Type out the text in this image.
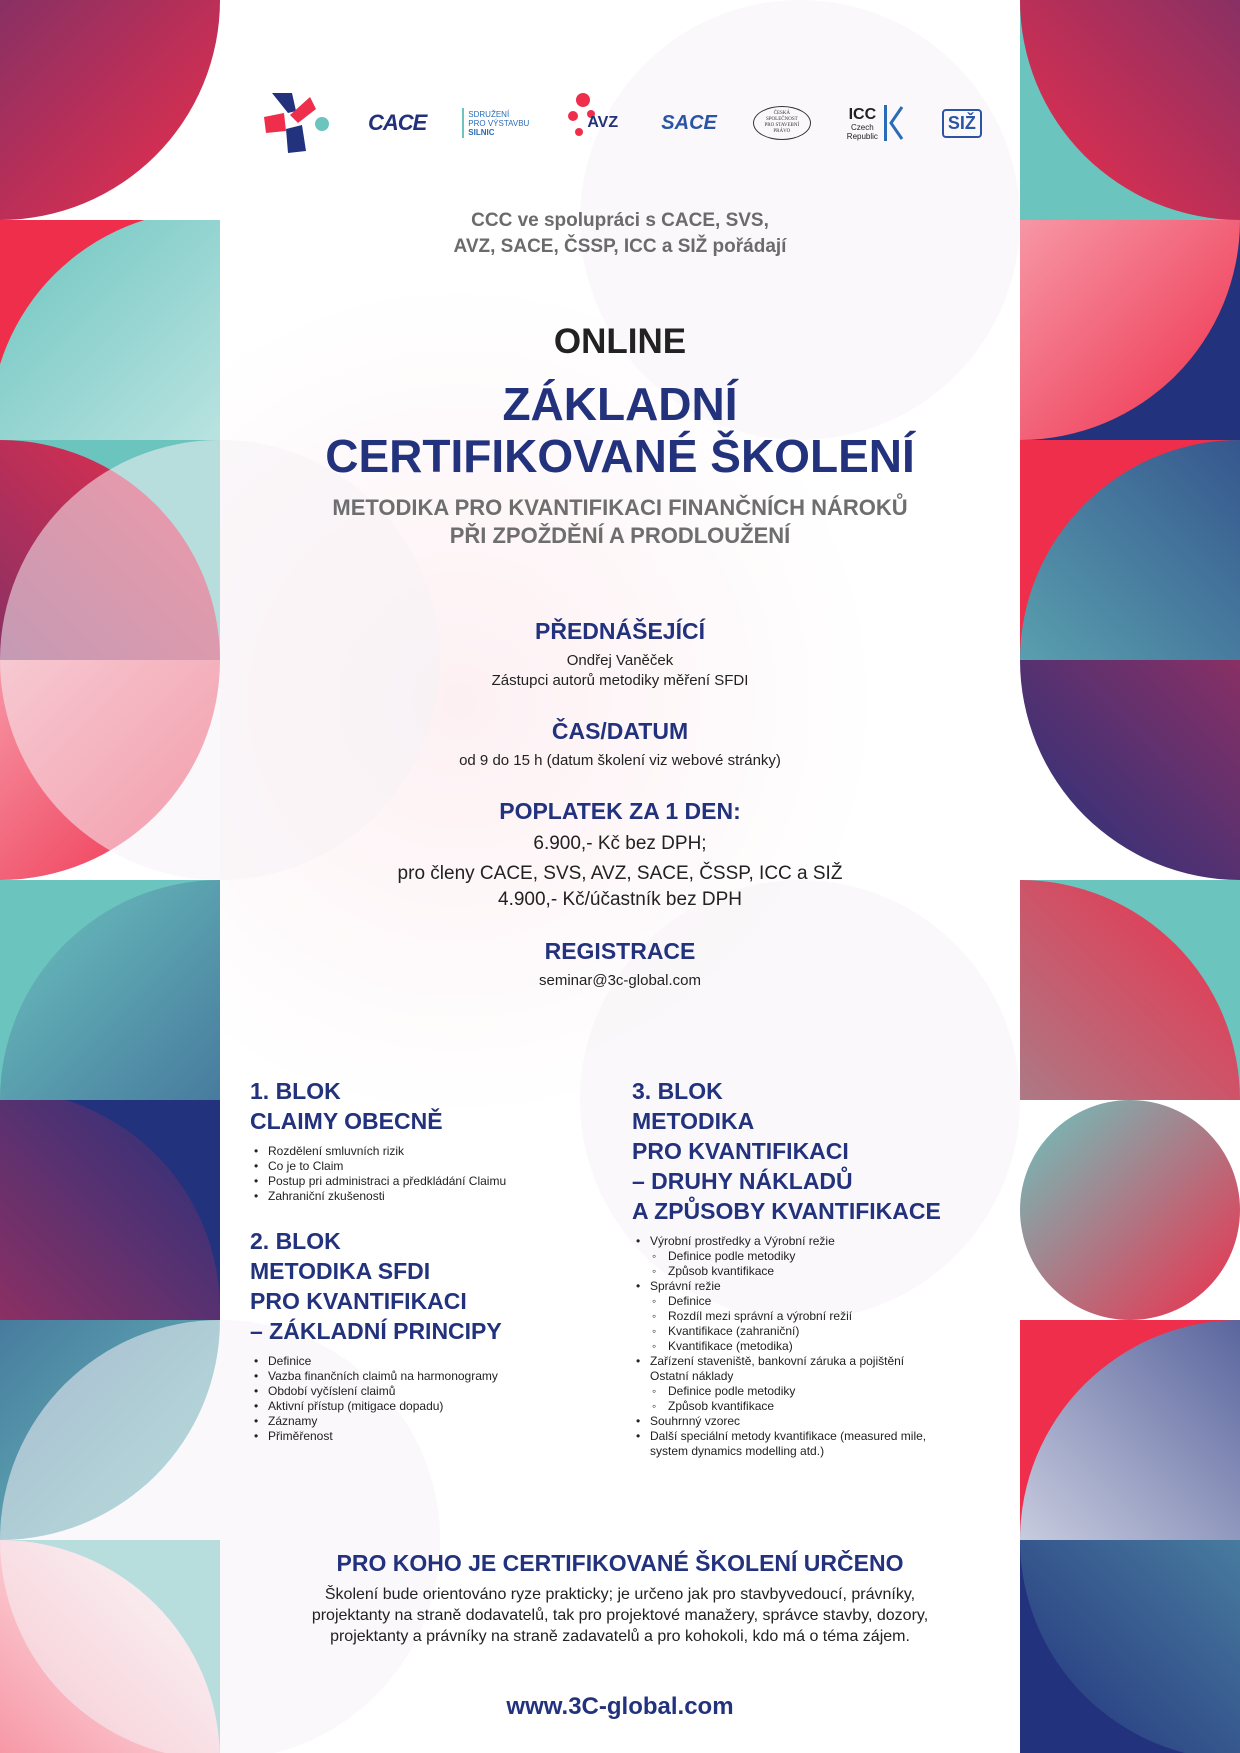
CACE	SDRUŽENÍ
PRO VÝSTAVBU
SILNIC
AVZ SACE	ČESKÁ
SPOLEČNOST
PRO STAVEBNÍ
PRÁVO
ICC
Czech
Republic
SIŽ
CCC ve spolupráci s CACE, SVS,
AVZ, SACE, ČSSP, ICC a SIŽ pořádají
ONLINE
ZÁKLADNÍ
CERTIFIKOVANÉ ŠKOLENÍ
METODIKA PRO KVANTIFIKACI FINANČNÍCH NÁROKŮ
PŘI ZPOŽDĚNÍ A PRODLOUŽENÍ
PŘEDNÁŠEJÍCÍ
Ondřej Vaněček
Zástupci autorů metodiky měření SFDI
ČAS/DATUM
od 9 do 15 h (datum školení viz webové stránky)
POPLATEK ZA 1 DEN:
6.900,- Kč bez DPH;
pro členy CACE, SVS, AVZ, SACE, ČSSP, ICC a SIŽ
4.900,- Kč/účastník bez DPH
REGISTRACE
seminar@3c-global.com
1. BLOK
CLAIMY OBECNĚ
• Rozdělení smluvních rizik
• Co je to Claim
• Postup pri administraci a předkládání Claimu
• Zahraniční zkušenosti
2. BLOK
METODIKA SFDI
PRO KVANTIFIKACI
– ZÁKLADNÍ PRINCIPY
• Definice
• Vazba finančních claimů na harmonogramy
• Období vyčíslení claimů
• Aktivní přístup (mitigace dopadu)
• Záznamy
• Přiměřenost
3. BLOK
METODIKA
PRO KVANTIFIKACI
– DRUHY NÁKLADŮ
A ZPŮSOBY KVANTIFIKACE
• Výrobní prostředky a Výrobní režie
◦ Definice podle metodiky
◦ Způsob kvantifikace
• Správní režie
◦ Definice
◦ Rozdíl mezi správní a výrobní režií
◦ Kvantifikace (zahraniční)
◦ Kvantifikace (metodika)
• Zařízení staveniště, bankovní záruka a pojištění
Ostatní náklady
◦ Definice podle metodiky
◦ Způsob kvantifikace
• Souhrnný vzorec
• Další speciální metody kvantifikace (measured mile,
system dynamics modelling atd.)
PRO KOHO JE CERTIFIKOVANÉ ŠKOLENÍ URČENO
Školení bude orientováno ryze prakticky; je určeno jak pro stavbyvedoucí, právníky,
projektanty na straně dodavatelů, tak pro projektové manažery, správce stavby, dozory,
projektanty a právníky na straně zadavatelů a pro kohokoli, kdo má o téma zájem.
www.3C-global.com
